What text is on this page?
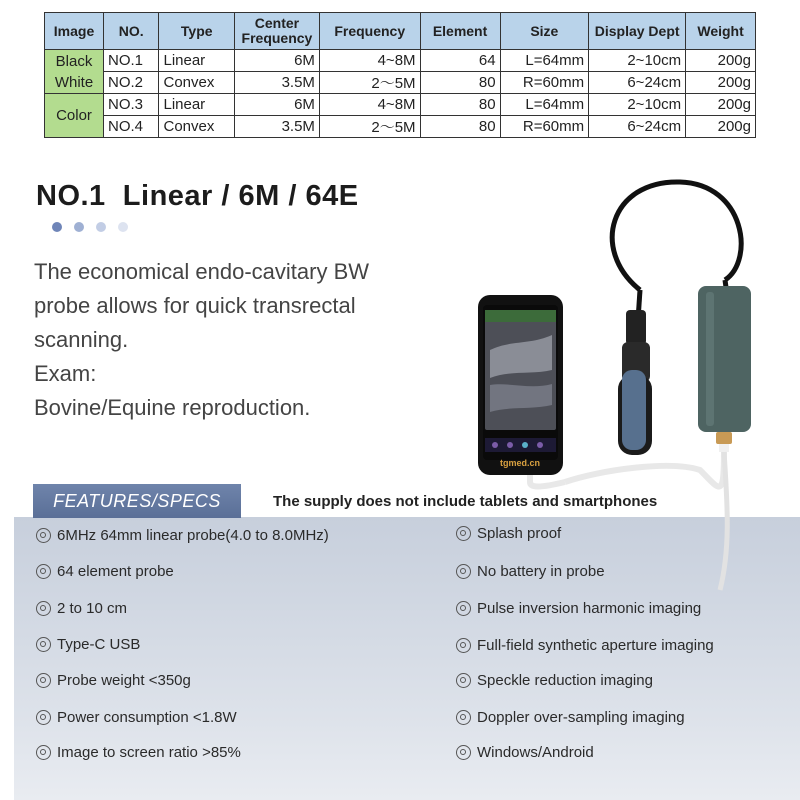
Image	NO.	Type	Center Frequency	Frequency	Element	Size	Display Dept	Weight
Black White	NO.1	Linear	6M	4~8M	64	L=64mm	2~10cm	200g
	NO.2	Convex	3.5M	2～5M	80	R=60mm	6~24cm	200g
Color	NO.3	Linear	6M	4~8M	80	L=64mm	2~10cm	200g
	NO.4	Convex	3.5M	2～5M	80	R=60mm	6~24cm	200g
NO.1  Linear / 6M / 64E

The economical endo-cavitary BW

probe allows for quick transrectal

scanning.

Exam:

Bovine/Equine reproduction.

tgmed.cn
FEATURES/SPECS	The supply does not include tablets and smartphones
6MHz 64mm linear probe(4.0 to 8.0MHz)
64 element probe
2 to 10 cm
Type-C USB
Probe weight <350g
Power consumption <1.8W
Image to screen ratio >85%
Splash proof
No battery in probe
Pulse inversion harmonic imaging
Full-field synthetic aperture imaging
Speckle reduction imaging
Doppler over-sampling imaging
Windows/Android
